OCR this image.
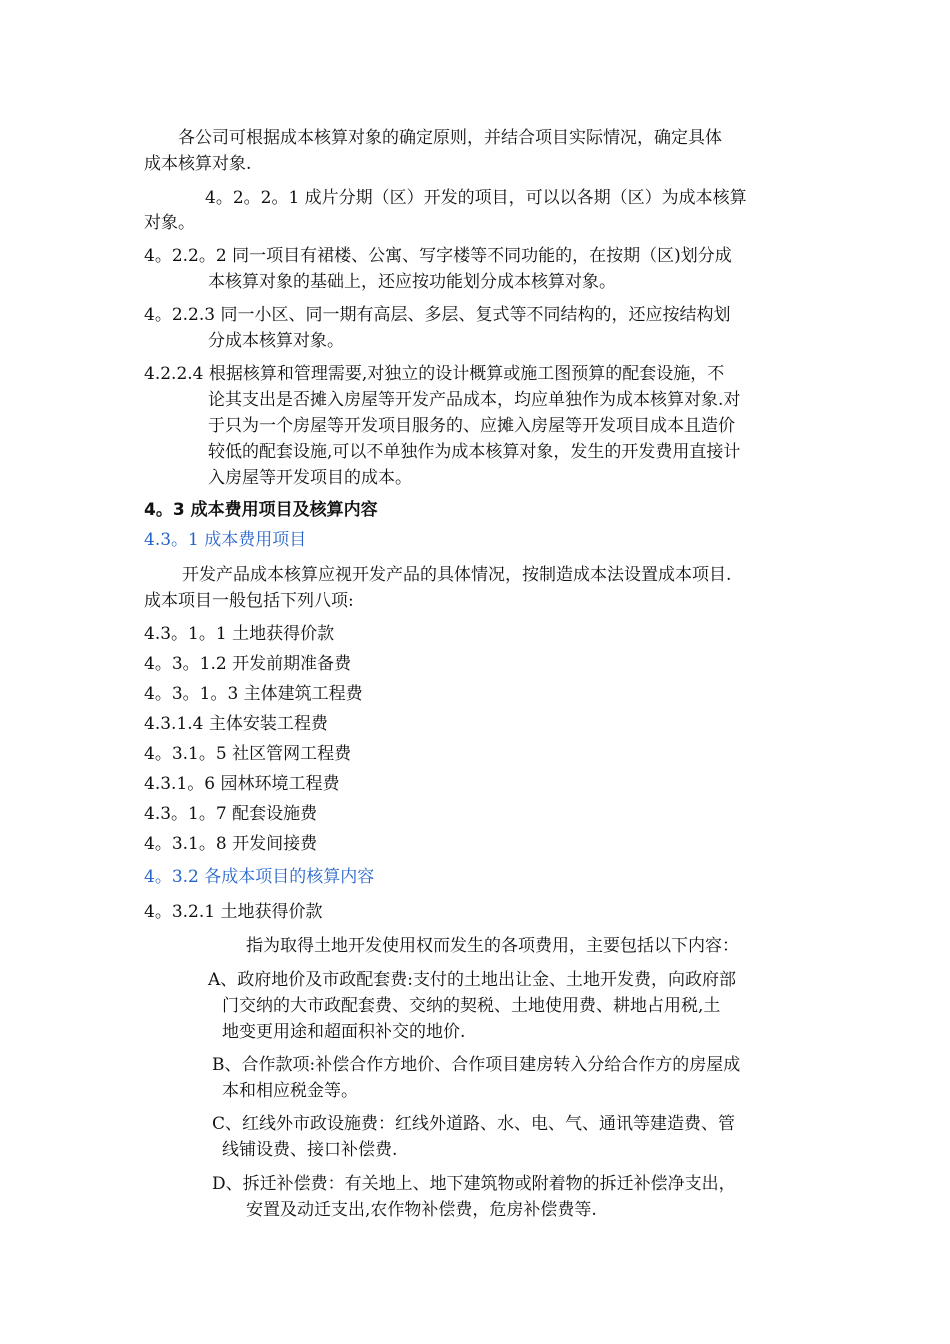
各公司可根据成本核算对象的确定原则，并结合项目实际情况，确定具体
成本核算对象.
4。2。2。1 成片分期（区）开发的项目，可以以各期（区）为成本核算
对象。
4。2.2。2 同一项目有裙楼、公寓、写字楼等不同功能的，在按期（区)划分成
本核算对象的基础上，还应按功能划分成本核算对象。
4。2.2.3 同一小区、同一期有高层、多层、复式等不同结构的，还应按结构划
分成本核算对象。
4.2.2.4 根据核算和管理需要,对独立的设计概算或施工图预算的配套设施，不
论其支出是否摊入房屋等开发产品成本，均应单独作为成本核算对象.对
于只为一个房屋等开发项目服务的、应摊入房屋等开发项目成本且造价
较低的配套设施,可以不单独作为成本核算对象，发生的开发费用直接计
入房屋等开发项目的成本。
4。3 成本费用项目及核算内容
4.3。1 成本费用项目
开发产品成本核算应视开发产品的具体情况，按制造成本法设置成本项目.
成本项目一般包括下列八项:
4.3。1。1 土地获得价款
4。3。1.2 开发前期准备费
4。3。1。3 主体建筑工程费
4.3.1.4 主体安装工程费
4。3.1。5 社区管网工程费
4.3.1。6 园林环境工程费
4.3。1。7 配套设施费
4。3.1。8 开发间接费
4。3.2 各成本项目的核算内容
4。3.2.1 土地获得价款
指为取得土地开发使用权而发生的各项费用，主要包括以下内容：
A、政府地价及市政配套费:支付的土地出让金、土地开发费，向政府部
门交纳的大市政配套费、交纳的契税、土地使用费、耕地占用税,土
地变更用途和超面积补交的地价.
B、合作款项:补偿合作方地价、合作项目建房转入分给合作方的房屋成
本和相应税金等。
C、红线外市政设施费：红线外道路、水、电、气、通讯等建造费、管
线铺设费、接口补偿费.
D、拆迁补偿费：有关地上、地下建筑物或附着物的拆迁补偿净支出，
安置及动迁支出,农作物补偿费，危房补偿费等.
